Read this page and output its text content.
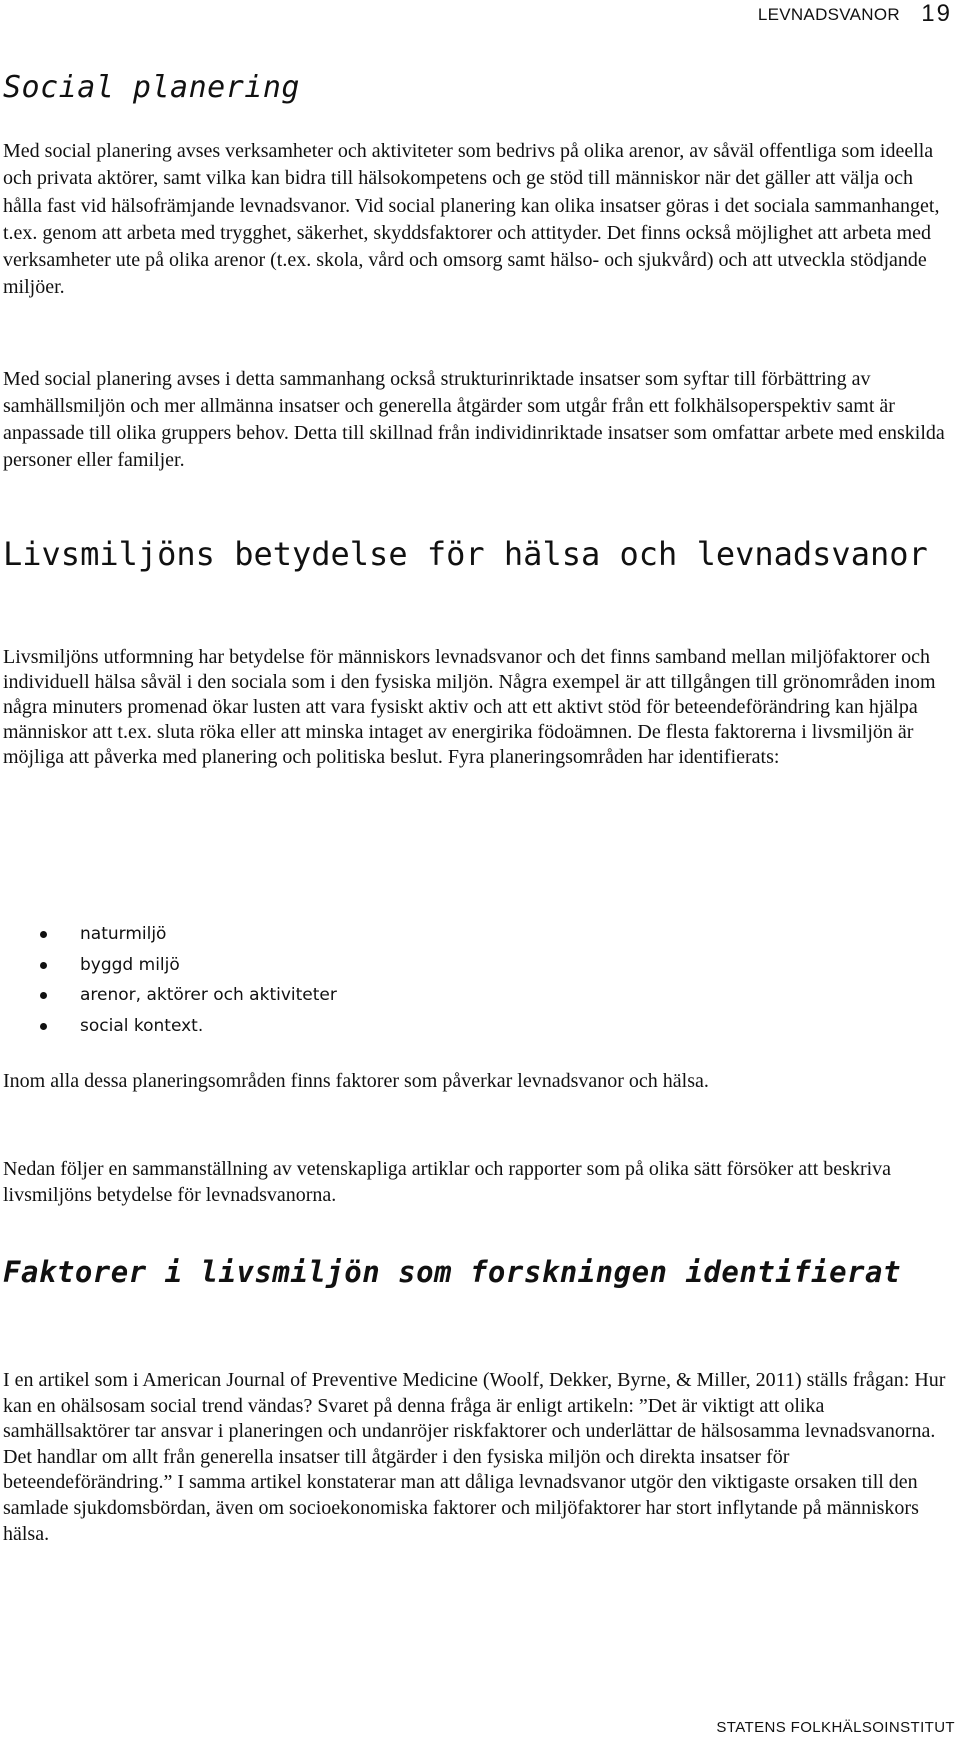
LEVNADSVANOR 19
Social planering

Med social planering avses verksamheter och aktiviteter som bedrivs på olika arenor, av såväl offentliga som ideella och privata aktörer, samt vilka kan bidra till hälsokompetens och ge stöd till människor när det gäller att välja och hålla fast vid hälsofrämjande levnadsvanor. Vid social planering kan olika insatser göras i det sociala sammanhanget, t.ex. genom att arbeta med trygghet, säkerhet, skyddsfaktorer och attityder. Det finns också möjlighet att arbeta med verksamheter ute på olika arenor (t.ex. skola, vård och omsorg samt hälso- och sjukvård) och att utveckla stödjande miljöer.

Med social planering avses i detta sammanhang också strukturinriktade insatser som syftar till förbättring av samhällsmiljön och mer allmänna insatser och generella åtgärder som utgår från ett folkhälsoperspektiv samt är anpassade till olika gruppers behov. Detta till skillnad från individinriktade insatser som omfattar arbete med enskilda personer eller familjer.

Livsmiljöns betydelse för hälsa och levnadsvanor

Livsmiljöns utformning har betydelse för människors levnadsvanor och det finns samband mellan miljöfaktorer och individuell hälsa såväl i den sociala som i den fysiska miljön. Några exempel är att tillgången till grönområden inom några minuters promenad ökar lusten att vara fysiskt aktiv och att ett aktivt stöd för beteendeförändring kan hjälpa människor att t.ex. sluta röka eller att minska intaget av energirika födoämnen. De flesta faktorerna i livsmiljön är möjliga att påverka med planering och politiska beslut. Fyra planeringsområden har identifierats:

naturmiljö
byggd miljö
arenor, aktörer och aktiviteter
social kontext.

Inom alla dessa planeringsområden finns faktorer som påverkar levnadsvanor och hälsa.

Nedan följer en sammanställning av vetenskapliga artiklar och rapporter som på olika sätt försöker att beskriva livsmiljöns betydelse för levnadsvanorna.

Faktorer i livsmiljön som forskningen identifierat

I en artikel som i American Journal of Preventive Medicine (Woolf, Dekker, Byrne, & Miller, 2011) ställs frågan: Hur kan en ohälsosam social trend vändas? Svaret på denna fråga är enligt artikeln: ”Det är viktigt att olika samhällsaktörer tar ansvar i planeringen och undanröjer riskfaktorer och underlättar de hälsosamma levnadsvanorna. Det handlar om allt från generella insatser till åtgärder i den fysiska miljön och direkta insatser för beteendeförändring.” I samma artikel konstaterar man att dåliga levnadsvanor utgör den viktigaste orsaken till den samlade sjukdomsbördan, även om socioekonomiska faktorer och miljöfaktorer har stort inflytande på människors hälsa.

STATENS FOLKHÄLSOINSTITUT
